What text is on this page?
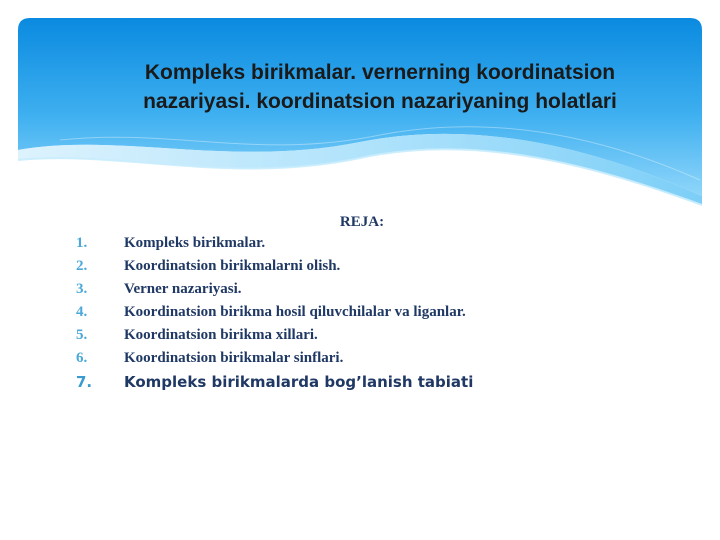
Kompleks birikmalar. vernerning koordinatsion
nazariyasi. koordinatsion nazariyaning holatlari
REJA:
1. Kompleks birikmalar.
2. Koordinatsion birikmalarni olish.
3. Verner nazariyasi.
4. Koordinatsion birikma hosil qiluvchilalar va liganlar.
5. Koordinatsion birikma xillari.
6. Koordinatsion birikmalar sinflari.
7. Kompleks birikmalarda bog’lanish tabiati
